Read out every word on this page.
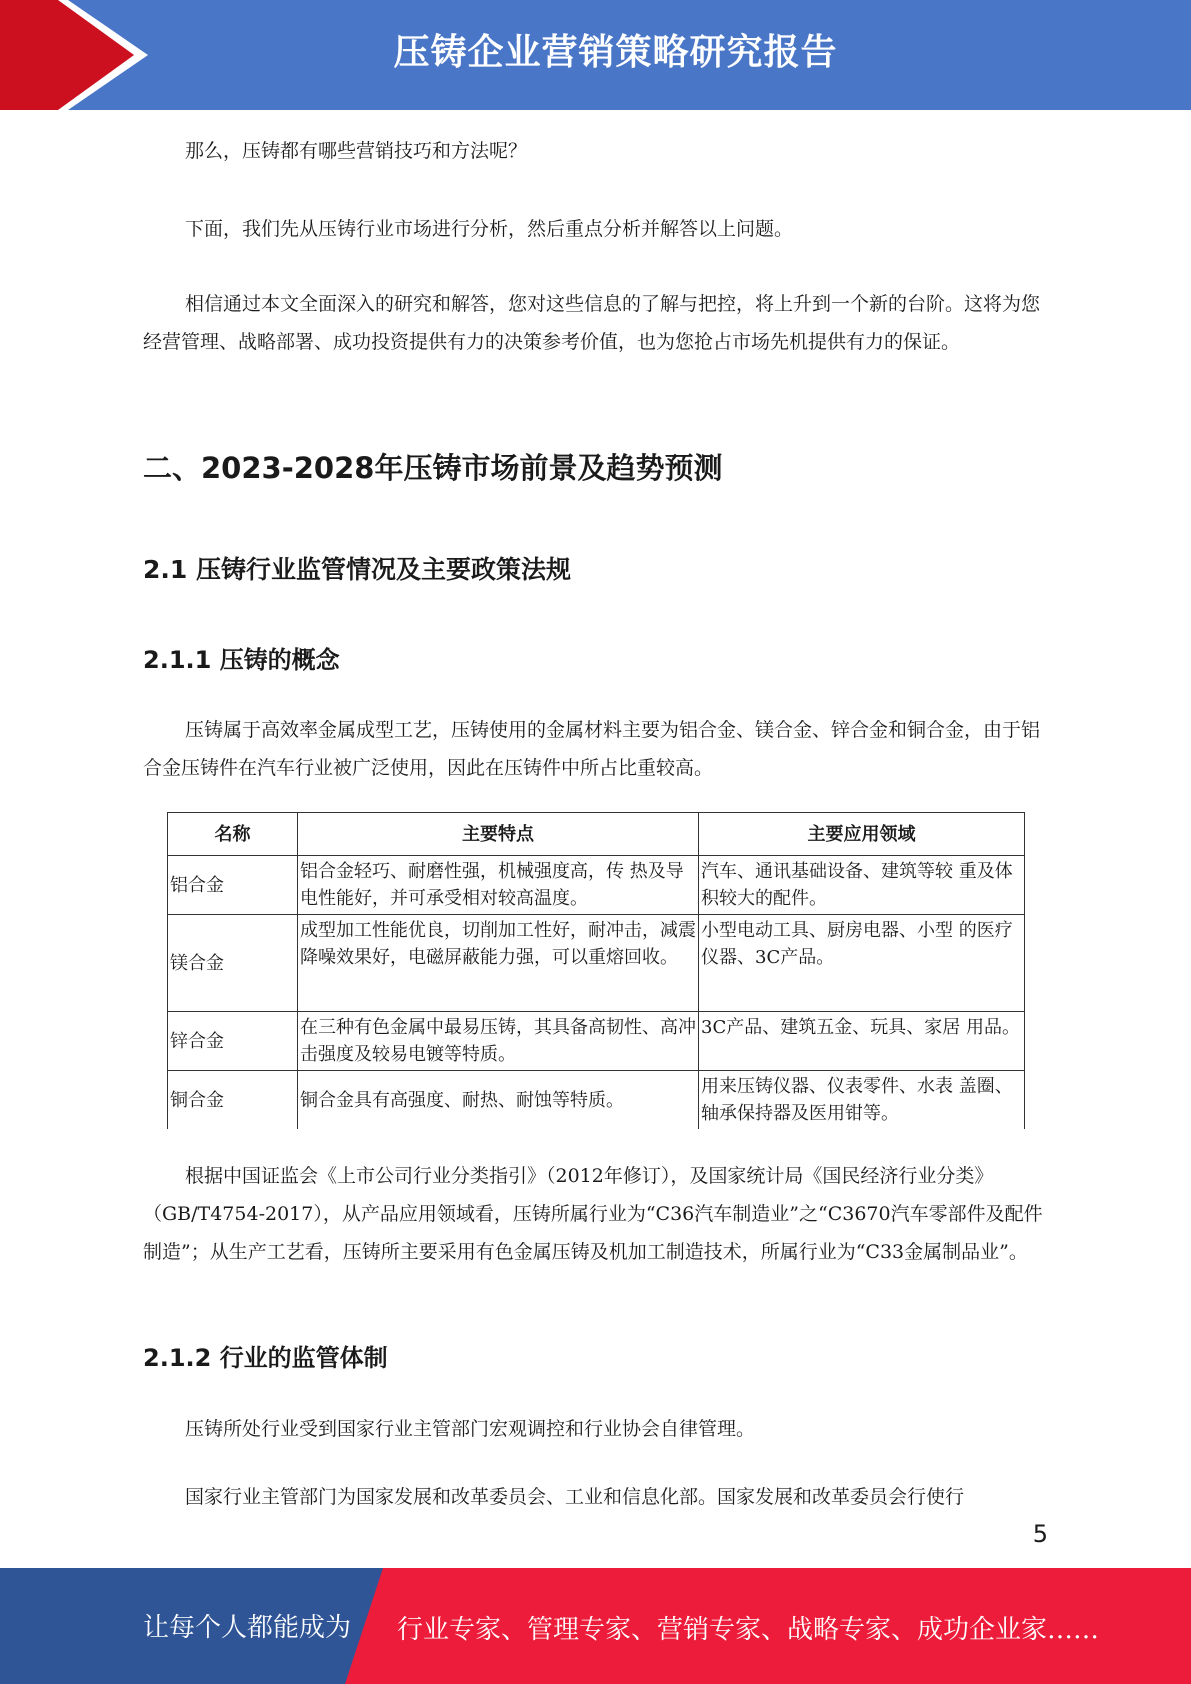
压铸企业营销策略研究报告

那么，压铸都有哪些营销技巧和方法呢？

下面，我们先从压铸行业市场进行分析，然后重点分析并解答以上问题。

相信通过本文全面深入的研究和解答，您对这些信息的了解与把控，将上升到一个新的台阶。这将为您经营管理、战略部署、成功投资提供有力的决策参考价值，也为您抢占市场先机提供有力的保证。

二、2023-2028年压铸市场前景及趋势预测
2.1 压铸行业监管情况及主要政策法规
2.1.1 压铸的概念

压铸属于高效率金属成型工艺，压铸使用的金属材料主要为铝合金、镁合金、锌合金和铜合金，由于铝合金压铸件在汽车行业被广泛使用，因此在压铸件中所占比重较高。

名称	主要特点	主要应用领域
铝合金	铝合金轻巧、耐磨性强，机械强度高，传 热及导电性能好，并可承受相对较高温度。	汽车、通讯基础设备、建筑等较 重及体积较大的配件。
镁合金	成型加工性能优良，切削加工性好，耐冲击，减震降噪效果好，电磁屏蔽能力强，可以重熔回收。	小型电动工具、厨房电器、小型 的医疗仪器、3C产品。
锌合金	在三种有色金属中最易压铸，其具备高韧性、高冲击强度及较易电镀等特质。	3C产品、建筑五金、玩具、家居 用品。
铜合金	铜合金具有高强度、耐热、耐蚀等特质。	用来压铸仪器、仪表零件、水表 盖圈、轴承保持器及医用钳等。

根据中国证监会《上市公司行业分类指引》（2012年修订），及国家统计局《国民经济行业分类》（GB/T4754-2017），从产品应用领域看，压铸所属行业为“C36汽车制造业”之“C3670汽车零部件及配件制造”；从生产工艺看，压铸所主要采用有色金属压铸及机加工制造技术，所属行业为“C33金属制品业”。

2.1.2 行业的监管体制

压铸所处行业受到国家行业主管部门宏观调控和行业协会自律管理。

国家行业主管部门为国家发展和改革委员会、工业和信息化部。国家发展和改革委员会行使行

5
让每个人都能成为 行业专家、管理专家、营销专家、战略专家、成功企业家……
